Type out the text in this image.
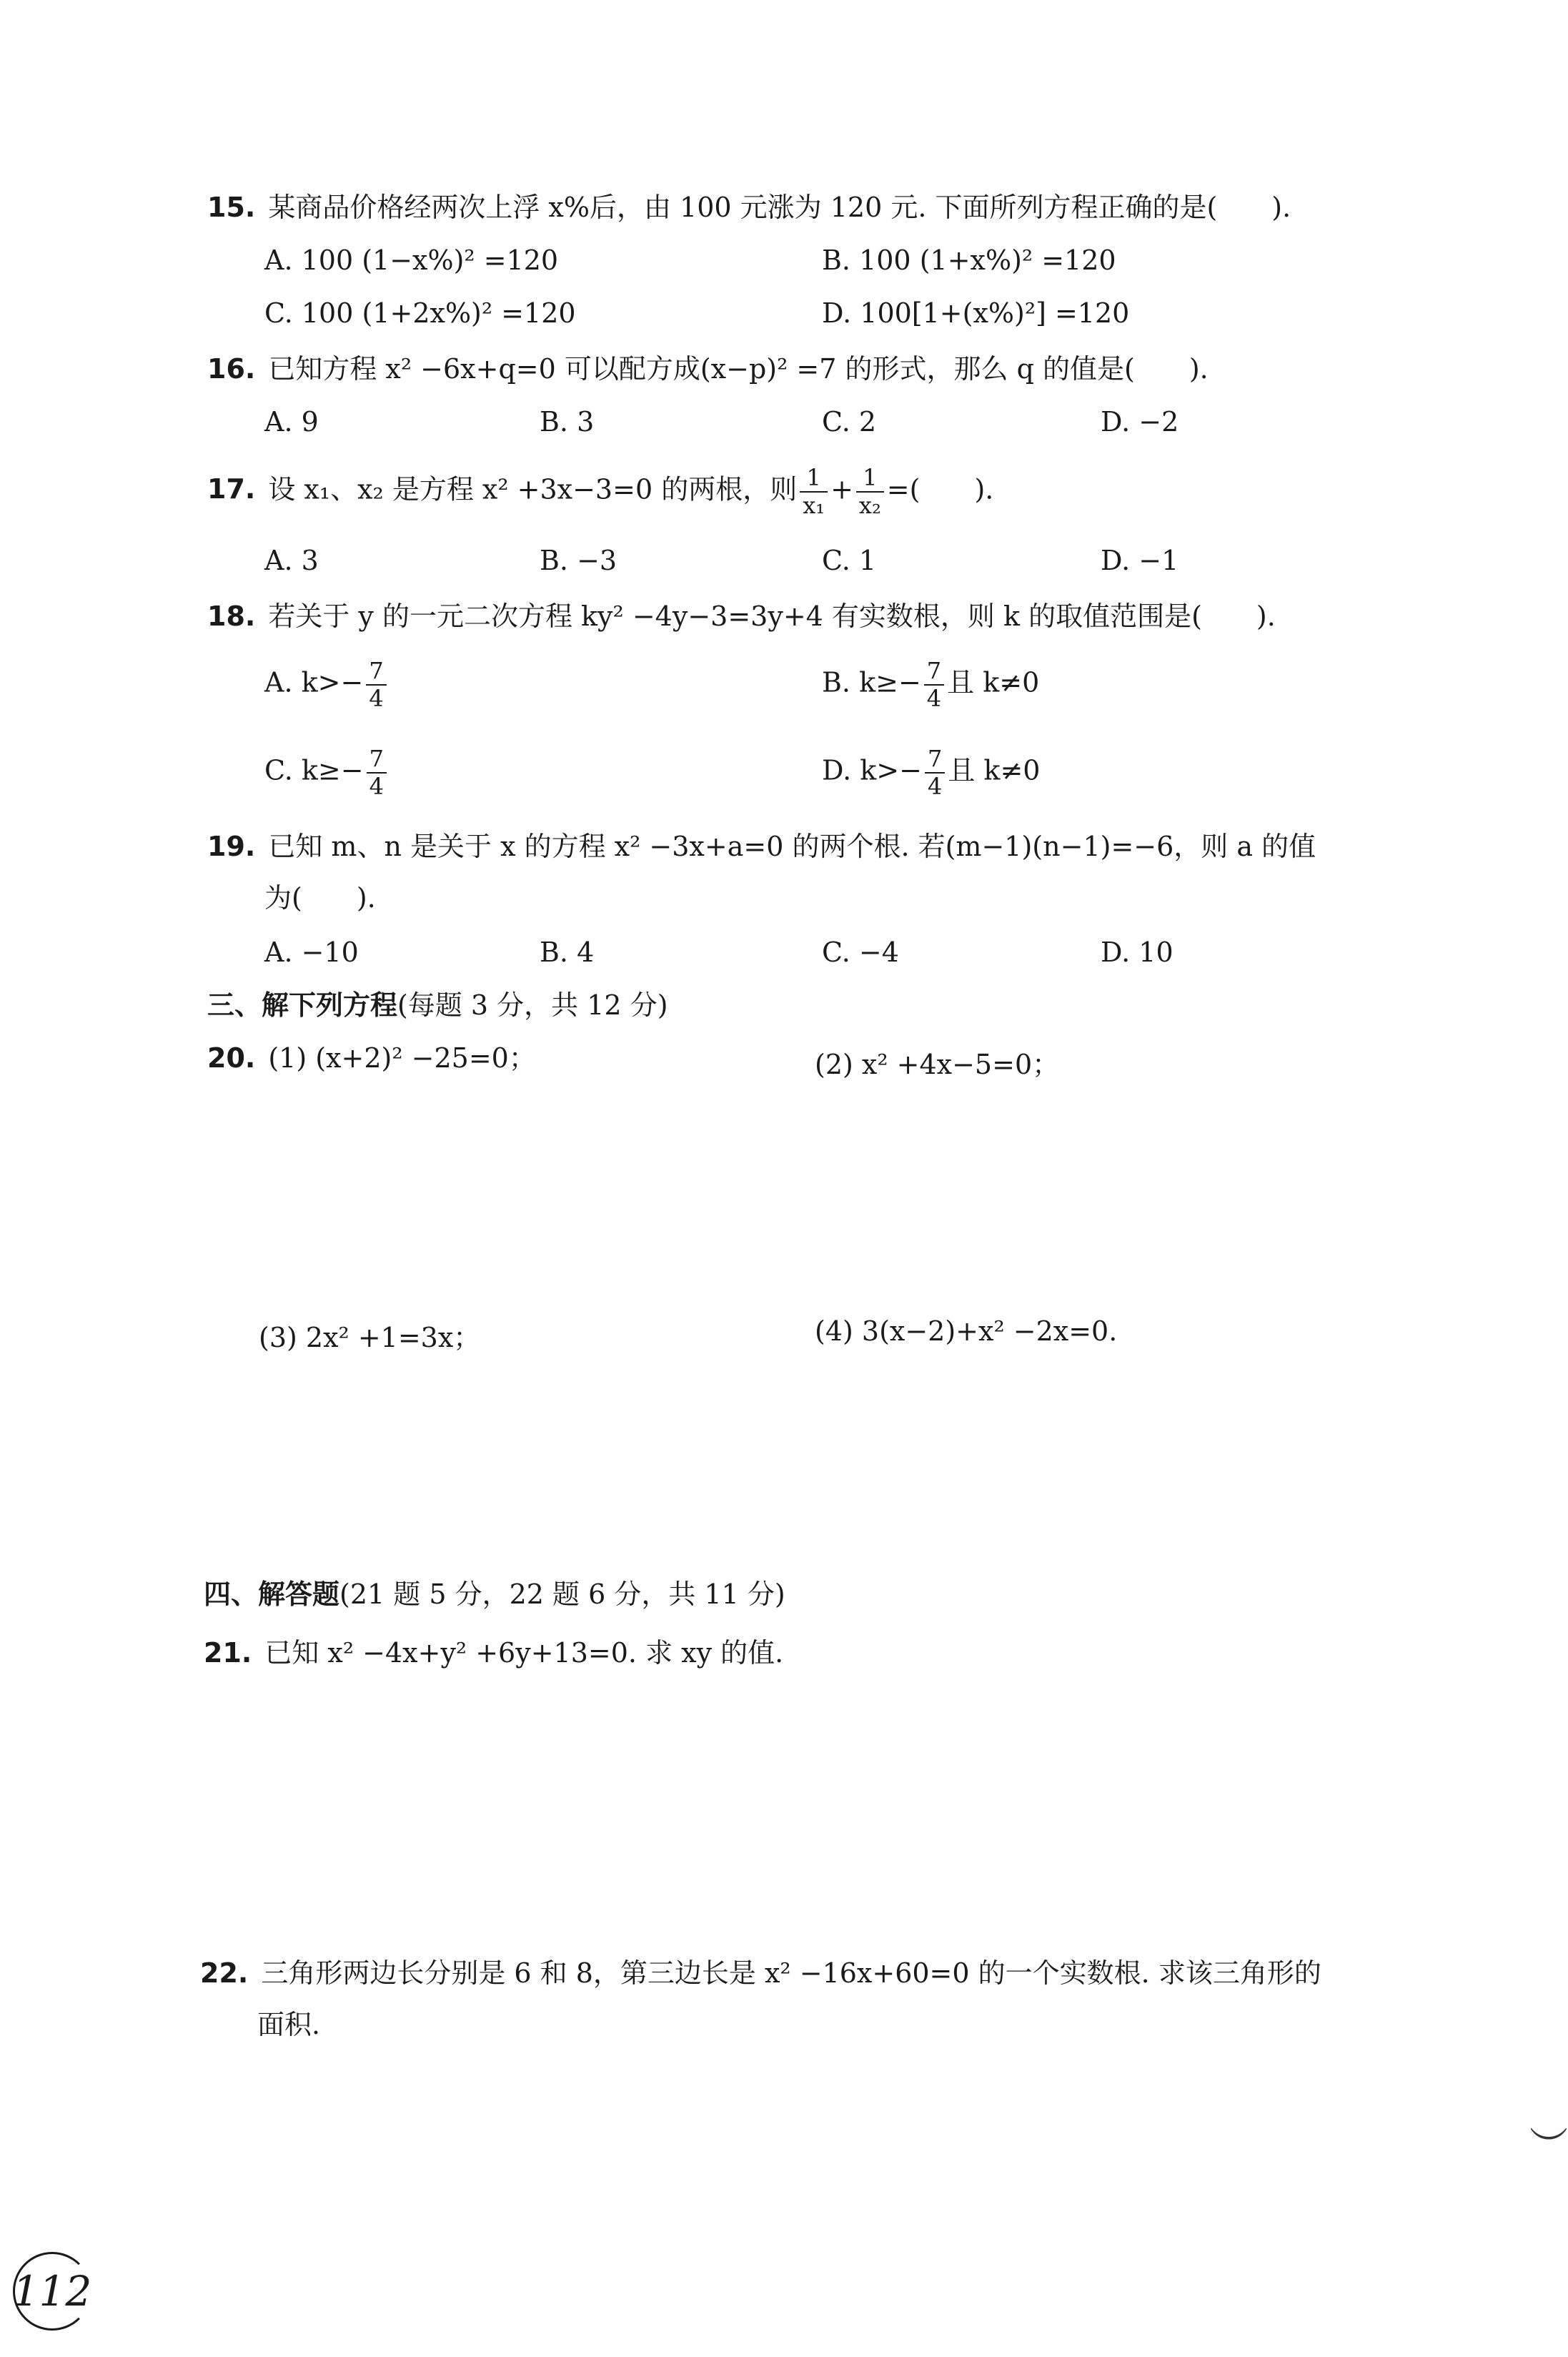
15. 某商品价格经两次上浮 x%后，由 100 元涨为 120 元. 下面所列方程正确的是(　　).
A. 100 (1−x%)² =120	B. 100 (1+x%)² =120
C. 100 (1+2x%)² =120	D. 100[1+(x%)²] =120
16. 已知方程 x² −6x+q=0 可以配方成(x−p)² =7 的形式，那么 q 的值是(　　).
A. 9	B. 3	C. 2	D. −2
17. 设 x₁、x₂ 是方程 x² +3x−3=0 的两根，则 $\frac{1}{\text{x₁}} + \frac{1}{\text{x₂}}$ =(　　).
A. 3	B. −3	C. 1	D. −1
18. 若关于 y 的一元二次方程 ky² −4y−3=3y+4 有实数根，则 k 的取值范围是(　　).
A. $k>- \frac{7}{4}$	B. $k\ge- \frac{7}{4}$ 且 k≠0
C. $k\ge- \frac{7}{4}$	D. $k>- \frac{7}{4}$ 且 k≠0
19. 已知 m、n 是关于 x 的方程 x² −3x+a=0 的两个根. 若(m−1)(n−1)=−6，则 a 的值
为(　　).
A. −10	B. 4	C. −4	D. 10
三、解下列方程(每题 3 分，共 12 分)
20. (1) (x+2)² −25=0；	(2) x² +4x−5=0；
(3) 2x² +1=3x；	(4) 3(x−2)+x² −2x=0.
四、解答题(21 题 5 分，22 题 6 分，共 11 分)
21. 已知 x² −4x+y² +6y+13=0. 求 xy 的值.
22. 三角形两边长分别是 6 和 8，第三边长是 x² −16x+60=0 的一个实数根. 求该三角形的
面积.
112
︶
